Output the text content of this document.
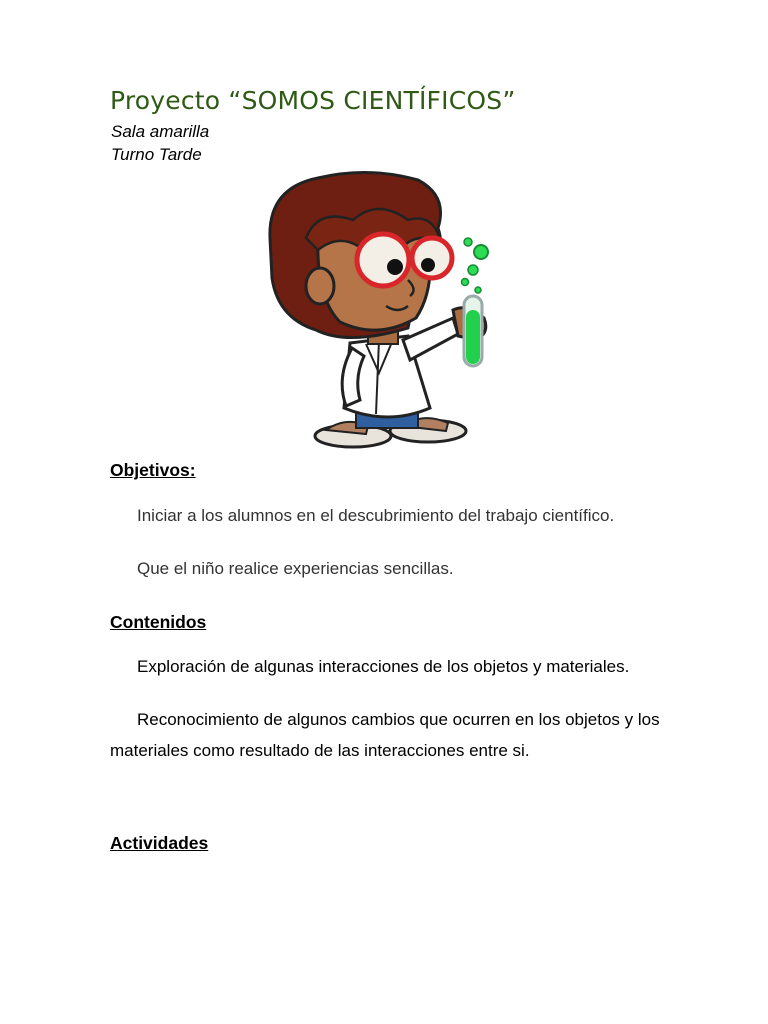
Proyecto “SOMOS CIENTÍFICOS”

Sala amarilla

Turno Tarde

Objetivos:

Iniciar a los alumnos en el descubrimiento del trabajo científico.

Que el niño realice experiencias sencillas.

Contenidos

Exploración de algunas interacciones de los objetos y materiales.

Reconocimiento de algunos cambios que ocurren en los objetos y los materiales como resultado de las interacciones entre si.

Actividades
